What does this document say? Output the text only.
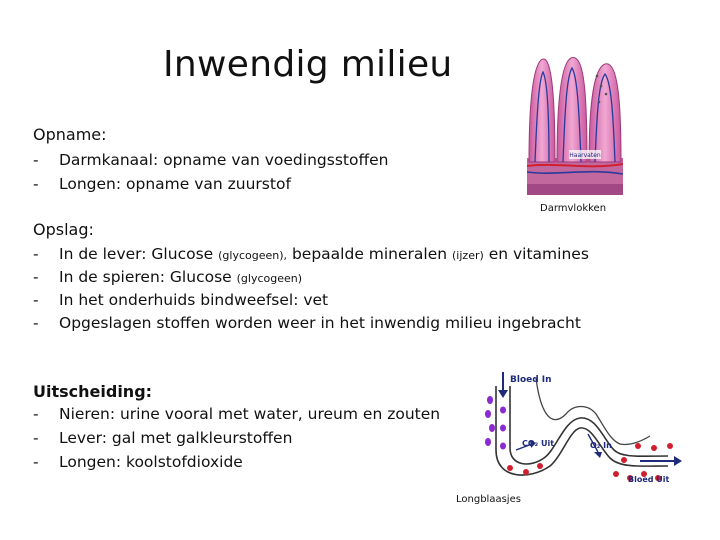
Inwendig milieu
Opname:
- Darmkanaal: opname van voedingsstoffen
- Longen: opname van zuurstof
Opslag:
- In de lever: Glucose (glycogeen), bepaalde mineralen (ijzer) en vitamines
- In de spieren: Glucose (glycogeen)
- In het onderhuids bindweefsel: vet
- Opgeslagen stoffen worden weer in het inwendig milieu ingebracht
Uitscheiding:
- Nieren: urine vooral met water, ureum en zouten
- Lever: gal met galkleurstoffen
- Longen: koolstofdioxide
Haarvaten
Darmvlokken
Bloed In
CO₂ Uit	O₂ In
Bloed Uit
Longblaasjes
